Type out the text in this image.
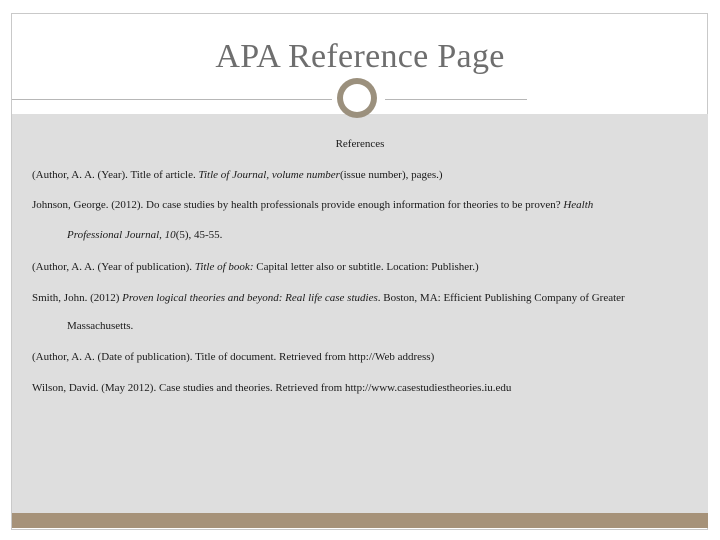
APA Reference Page
References
(Author, A. A. (Year). Title of article. Title of Journal, volume number(issue number), pages.)
Johnson, George. (2012). Do case studies by health professionals provide enough information for theories to be proven? Health
Professional Journal, 10(5), 45-55.
(Author, A. A. (Year of publication). Title of book: Capital letter also or subtitle. Location: Publisher.)
Smith, John. (2012) Proven logical theories and beyond: Real life case studies. Boston, MA: Efficient Publishing Company of Greater
Massachusetts.
(Author, A. A. (Date of publication). Title of document. Retrieved from http://Web address)
Wilson, David. (May 2012). Case studies and theories. Retrieved from http://www.casestudiestheories.iu.edu
